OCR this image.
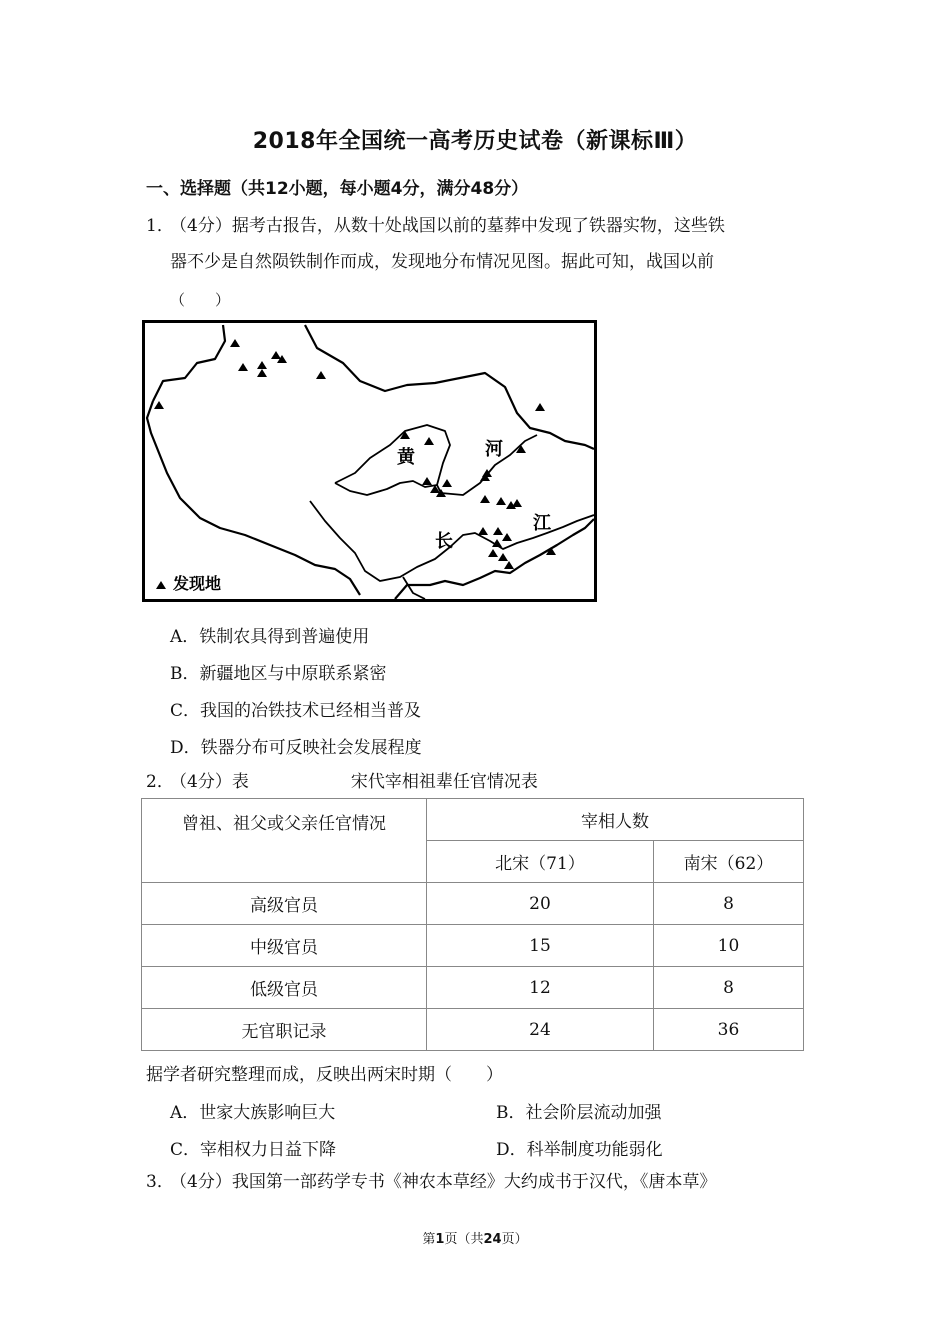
2018年全国统一高考历史试卷（新课标Ⅲ）
一、选择题（共12小题，每小题4分，满分48分）
1．
（4分）据考古报告，从数十处战国以前的墓葬中发现了铁器实物，这些铁
器不少是自然陨铁制作而成，发现地分布情况见图。据此可知，战国以前
（　　）
黄	河
长
江
发现地
A．铁制农具得到普遍使用
B．新疆地区与中原联系紧密
C．我国的冶铁技术已经相当普及
D．铁器分布可反映社会发展程度
2．
（4分）表　　　　　　宋代宰相祖辈任官情况表
曾祖、祖父或父亲任官情况	宰相人数	
	北宋（71）	南宋（62）
高级官员	20	8
中级官员	15	10
低级官员	12	8
无官职记录	24	36
据学者研究整理而成，反映出两宋时期（　　）
A．世家大族影响巨大	B．社会阶层流动加强
C．宰相权力日益下降	D．科举制度功能弱化
3．
（4分）我国第一部药学专书《神农本草经》大约成书于汉代，《唐本草》
第1页（共24页）
